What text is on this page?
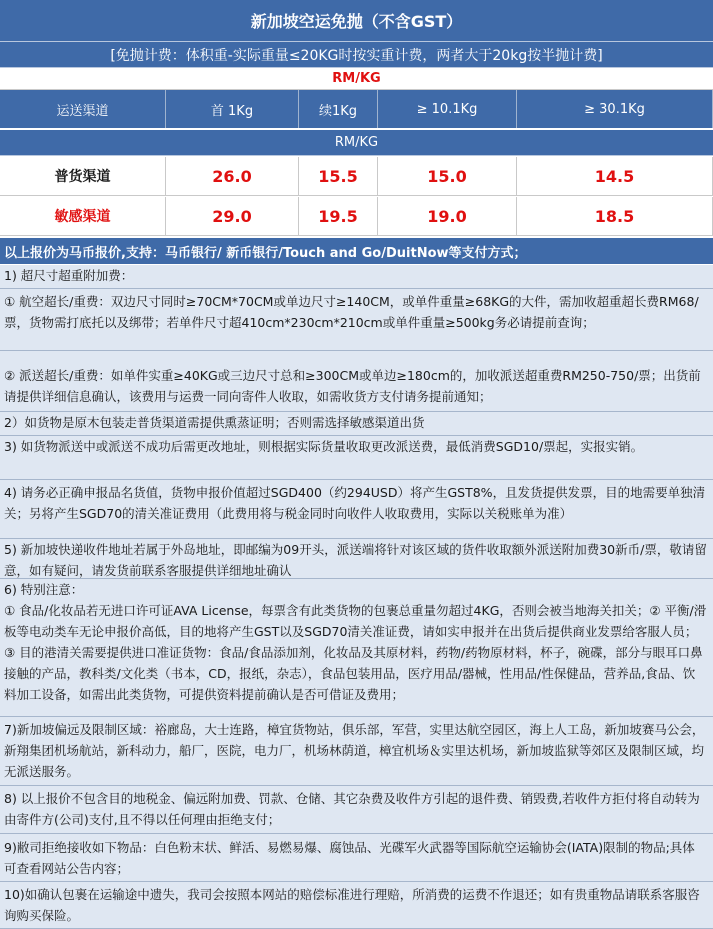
新加坡空运免抛（不含GST）
[免抛计费：体积重-实际重量≤20KG时按实重计费，两者大于20kg按半抛计费]
RM/KG
运送渠道	首 1Kg	续1Kg	≥ 10.1Kg	≥ 30.1Kg
RM/KG
普货渠道	26.0	15.5	15.0	14.5
敏感渠道	29.0	19.5	19.0	18.5
以上报价为马币报价,支持：马币银行/ 新币银行/Touch and Go/DuitNow等支付方式；
1) 超尺寸超重附加费：
① 航空超长/重费：双边尺寸同时≥70CM*70CM或单边尺寸≥140CM，或单件重量≥68KG的大件，需加收超重超长费RM68/票，货物需打底托以及绑带；若单件尺寸超410cm*230cm*210cm或单件重量≥500kg务必请提前查询；
② 派送超长/重费：如单件实重≥40KG或三边尺寸总和≥300CM或单边≥180cm的，加收派送超重费RM250-750/票；出货前请提供详细信息确认，该费用与运费一同向寄件人收取，如需收货方支付请务提前通知；
2）如货物是原木包装走普货渠道需提供熏蒸证明；否则需选择敏感渠道出货
3) 如货物派送中或派送不成功后需更改地址，则根据实际货量收取更改派送费，最低消费SGD10/票起，实报实销。
4) 请务必正确申报品名货值，货物申报价值超过SGD400（约294USD）将产生GST8%，且发货提供发票，目的地需要单独清关；另将产生SGD70的清关准证费用（此费用将与税金同时向收件人收取费用，实际以关税账单为准）
5) 新加坡快递收件地址若属于外岛地址，即邮编为09开头，派送端将针对该区域的货件收取额外派送附加费30新币/票，敬请留意，如有疑问，请发货前联系客服提供详细地址确认
6) 特别注意：
① 食品/化妆品若无进口许可证AVA License，每票含有此类货物的包裹总重量勿超过4KG，否则会被当地海关扣关；② 平衡/滑板等电动类车无论申报价高低，目的地将产生GST以及SGD70清关准证费，请如实申报并在出货后提供商业发票给客服人员；③ 目的港清关需要提供进口准证货物：食品/食品添加剂，化妆品及其原材料，药物/药物原材料，杯子，碗碟，部分与眼耳口鼻接触的产品，教科类/文化类（书本，CD，报纸，杂志），食品包装用品，医疗用品/器械，性用品/性保健品，营养品,食品、饮料加工设备，如需出此类货物，可提供资料提前确认是否可借证及费用；
7)新加坡偏远及限制区域：裕廊岛，大士连路，樟宜货物站，俱乐部，军营，实里达航空园区，海上人工岛，新加坡赛马公会，新翔集团机场航站，新科动力，船厂，医院，电力厂，机场林荫道，樟宜机场＆实里达机场，新加坡监狱等郊区及限制区域，均无派送服务。
8) 以上报价不包含目的地税金、偏远附加费、罚款、仓储、其它杂费及收件方引起的退件费、销毁费,若收件方拒付将自动转为由寄件方(公司)支付,且不得以任何理由拒绝支付；
9)敝司拒绝接收如下物品：白色粉末状、鲜活、易燃易爆、腐蚀品、光碟军火武器等国际航空运输协会(IATA)限制的物品;具体可查看网站公告内容；
10)如确认包裹在运输途中遗失，我司会按照本网站的赔偿标准进行理赔，所消费的运费不作退还；如有贵重物品请联系客服咨询购买保险。
